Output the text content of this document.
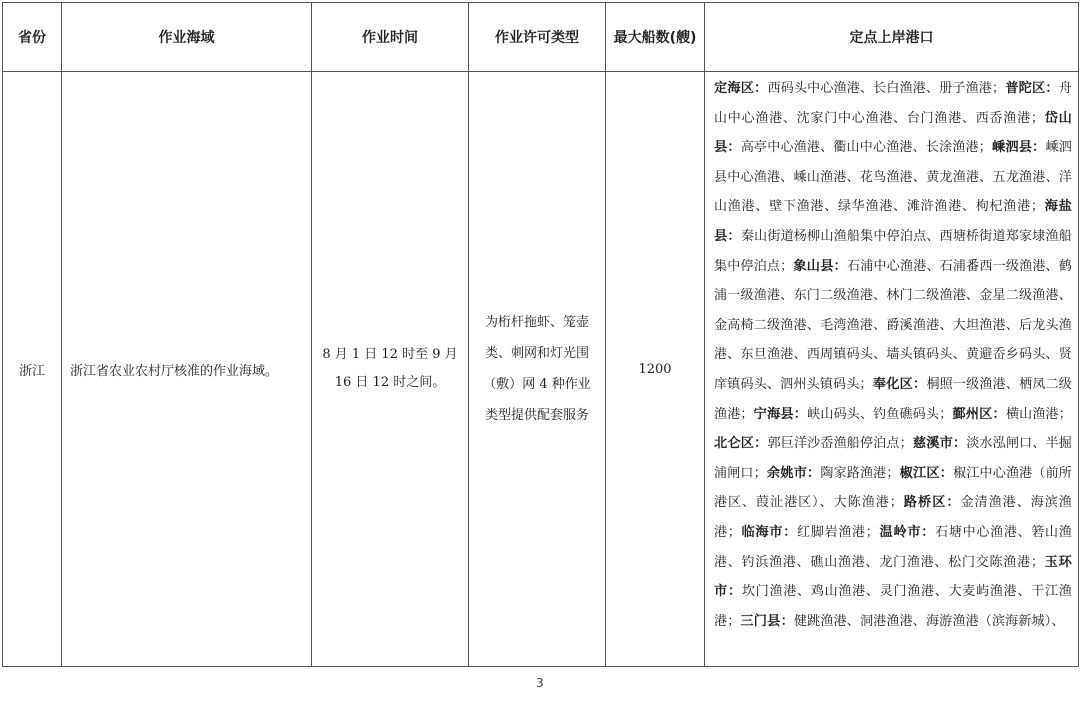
省份	作业海域	作业时间	作业许可类型	最大船数(艘)	定点上岸港口
浙江	浙江省农业农村厅核准的作业海域。	8 月 1 日 12 时至 9 月 16 日 12 时之间。	为桁杆拖虾、笼壶类、刺网和灯光围（敷）网 4 种作业类型提供配套服务	1200	定海区：西码头中心渔港、长白渔港、册子渔港；普陀区：舟山中心渔港、沈家门中心渔港、台门渔港、西岙渔港；岱山县：高亭中心渔港、衢山中心渔港、长涂渔港；嵊泗县：嵊泗县中心渔港、嵊山渔港、花鸟渔港、黄龙渔港、五龙渔港、洋山渔港、壁下渔港、绿华渔港、滩浒渔港、枸杞渔港；海盐县：秦山街道杨柳山渔船集中停泊点、西塘桥街道郑家埭渔船集中停泊点；象山县：石浦中心渔港、石浦番西一级渔港、鹤浦一级渔港、东门二级渔港、林门二级渔港、金星二级渔港、金高椅二级渔港、毛湾渔港、爵溪渔港、大坦渔港、后龙头渔港、东旦渔港、西周镇码头、墙头镇码头、黄避岙乡码头、贤庠镇码头、泗州头镇码头；奉化区：桐照一级渔港、栖凤二级渔港；宁海县：峡山码头、钓鱼礁码头；鄞州区：横山渔港；北仑区：郭巨洋沙岙渔船停泊点；慈溪市：淡水泓闸口、半掘浦闸口；余姚市：陶家路渔港；椒江区：椒江中心渔港（前所港区、葭沚港区）、大陈渔港；路桥区：金清渔港、海滨渔港；临海市：红脚岩渔港；温岭市：石塘中心渔港、箬山渔港、钓浜渔港、礁山渔港、龙门渔港、松门交陈渔港；玉环市：坎门渔港、鸡山渔港、灵门渔港、大麦屿渔港、干江渔港；三门县：健跳渔港、洞港渔港、海游渔港（滨海新城）、
3
